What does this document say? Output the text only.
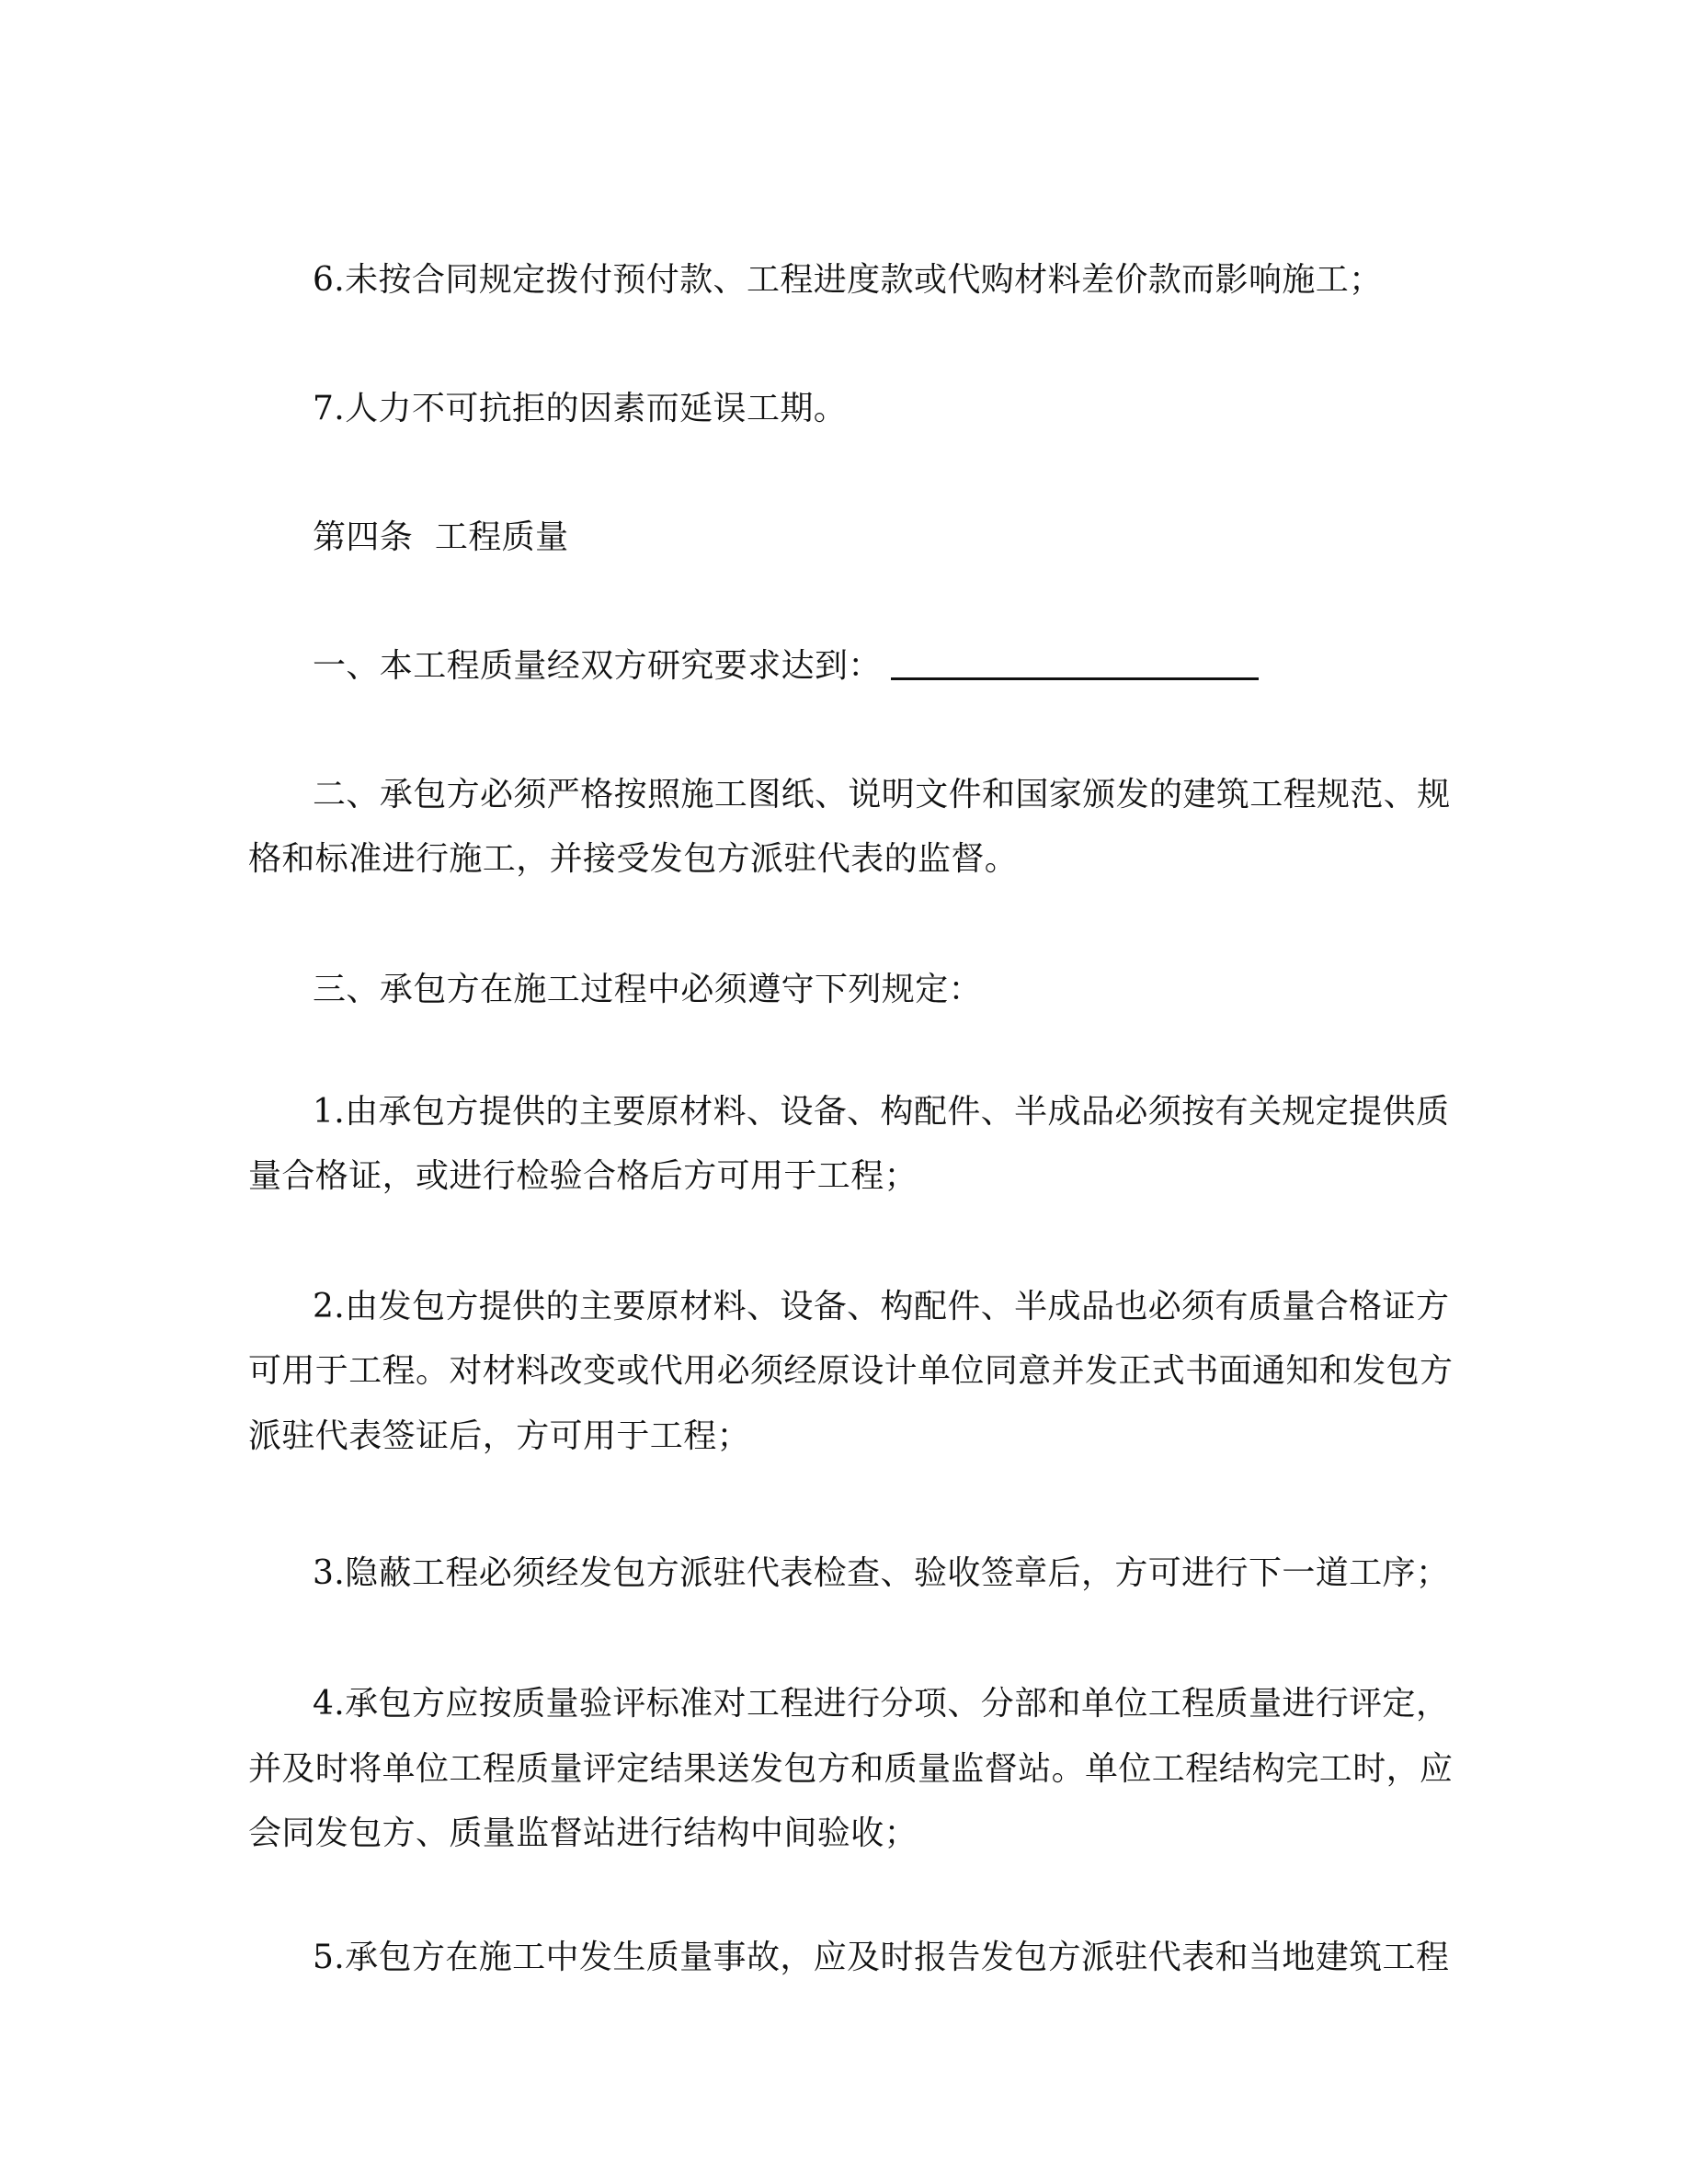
6.未按合同规定拨付预付款、工程进度款或代购材料差价款而影响施工；
7.人力不可抗拒的因素而延误工期。
第四条  工程质量
一、本工程质量经双方研究要求达到：
二、承包方必须严格按照施工图纸、说明文件和国家颁发的建筑工程规范、规
格和标准进行施工，并接受发包方派驻代表的监督。
三、承包方在施工过程中必须遵守下列规定：
1.由承包方提供的主要原材料、设备、构配件、半成品必须按有关规定提供质
量合格证，或进行检验合格后方可用于工程；
2.由发包方提供的主要原材料、设备、构配件、半成品也必须有质量合格证方
可用于工程。对材料改变或代用必须经原设计单位同意并发正式书面通知和发包方
派驻代表签证后，方可用于工程；
3.隐蔽工程必须经发包方派驻代表检查、验收签章后，方可进行下一道工序；
4.承包方应按质量验评标准对工程进行分项、分部和单位工程质量进行评定，
并及时将单位工程质量评定结果送发包方和质量监督站。单位工程结构完工时，应
会同发包方、质量监督站进行结构中间验收；
5.承包方在施工中发生质量事故，应及时报告发包方派驻代表和当地建筑工程
